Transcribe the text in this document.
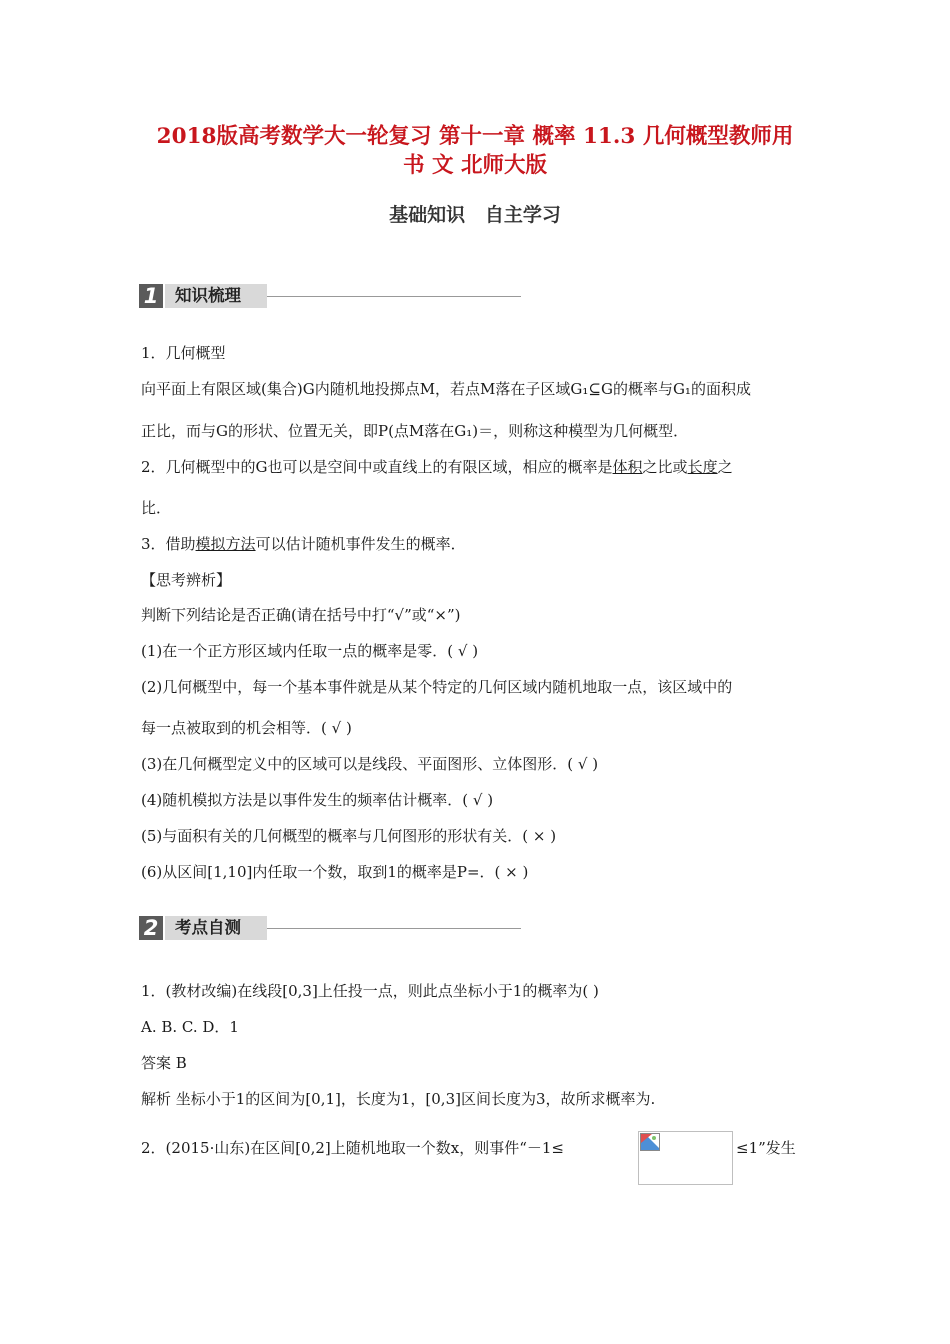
2018版高考数学大一轮复习 第十一章 概率 11.3 几何概型教师用
书 文 北师大版
基础知识   自主学习
1	知识梳理
1．几何概型
向平面上有限区域(集合)G内随机地投掷点M，若点M落在子区域G₁⊆G的概率与G₁的面积成
正比，而与G的形状、位置无关，即P(点M落在G₁)＝，则称这种模型为几何概型．
2．几何概型中的G也可以是空间中或直线上的有限区域，相应的概率是体积之比或长度之
比．
3．借助模拟方法可以估计随机事件发生的概率．
【思考辨析】
判断下列结论是否正确(请在括号中打“√”或“×”)
(1)在一个正方形区域内任取一点的概率是零．( √ )
(2)几何概型中，每一个基本事件就是从某个特定的几何区域内随机地取一点，该区域中的
每一点被取到的机会相等．( √ )
(3)在几何概型定义中的区域可以是线段、平面图形、立体图形．( √ )
(4)随机模拟方法是以事件发生的频率估计概率．( √ )
(5)与面积有关的几何概型的概率与几何图形的形状有关．( × )
(6)从区间[1,10]内任取一个数，取到1的概率是P=．( × )
2	考点自测
1．(教材改编)在线段[0,3]上任投一点，则此点坐标小于1的概率为( )
A. B. C. D．1
答案 B
解析 坐标小于1的区间为[0,1]，长度为1，[0,3]区间长度为3，故所求概率为.
2．(2015·山东)在区间[0,2]上随机地取一个数x，则事件“－1≤	≤1”发生
